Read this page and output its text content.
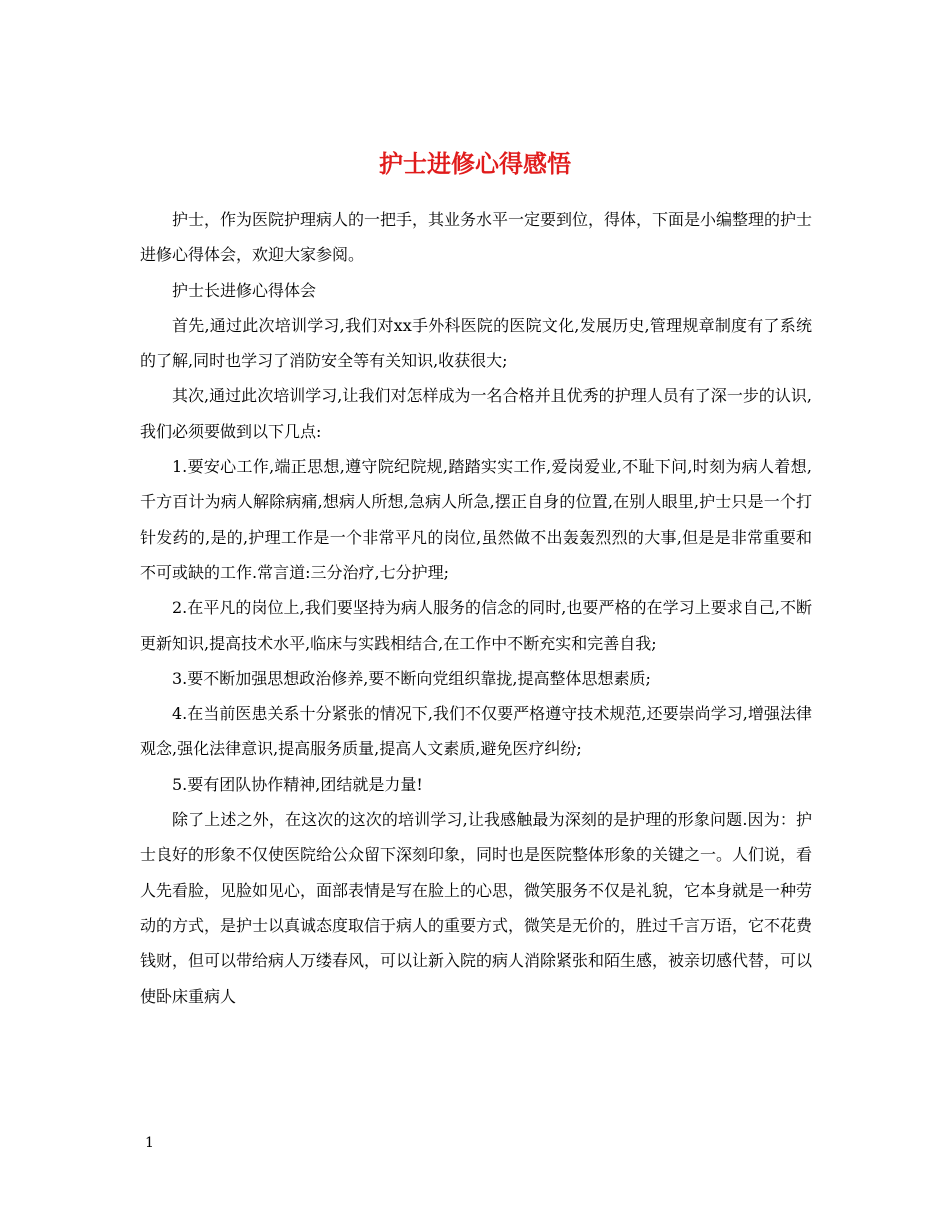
护士进修心得感悟

护士，作为医院护理病人的一把手，其业务水平一定要到位，得体，下面是小编整理的护士进修心得体会，欢迎大家参阅。

护士长进修心得体会

首先,通过此次培训学习,我们对xx手外科医院的医院文化,发展历史,管理规章制度有了系统的了解,同时也学习了消防安全等有关知识,收获很大;

其次,通过此次培训学习,让我们对怎样成为一名合格并且优秀的护理人员有了深一步的认识,我们必须要做到以下几点:

1.要安心工作,端正思想,遵守院纪院规,踏踏实实工作,爱岗爱业,不耻下问,时刻为病人着想,千方百计为病人解除病痛,想病人所想,急病人所急,摆正自身的位置,在别人眼里,护士只是一个打针发药的,是的,护理工作是一个非常平凡的岗位,虽然做不出轰轰烈烈的大事,但是是非常重要和不可或缺的工作.常言道:三分治疗,七分护理;

2.在平凡的岗位上,我们要坚持为病人服务的信念的同时,也要严格的在学习上要求自己,不断更新知识,提高技术水平,临床与实践相结合,在工作中不断充实和完善自我;

3.要不断加强思想政治修养,要不断向党组织靠拢,提高整体思想素质;

4.在当前医患关系十分紧张的情况下,我们不仅要严格遵守技术规范,还要崇尚学习,增强法律观念,强化法律意识,提高服务质量,提高人文素质,避免医疗纠纷;

5.要有团队协作精神,团结就是力量!

除了上述之外，在这次的这次的培训学习,让我感触最为深刻的是护理的形象问题.因为：护士良好的形象不仅使医院给公众留下深刻印象，同时也是医院整体形象的关键之一。人们说，看人先看脸，见脸如见心，面部表情是写在脸上的心思，微笑服务不仅是礼貌，它本身就是一种劳动的方式，是护士以真诚态度取信于病人的重要方式，微笑是无价的，胜过千言万语，它不花费钱财，但可以带给病人万缕春风，可以让新入院的病人消除紧张和陌生感，被亲切感代替，可以使卧床重病人

1
